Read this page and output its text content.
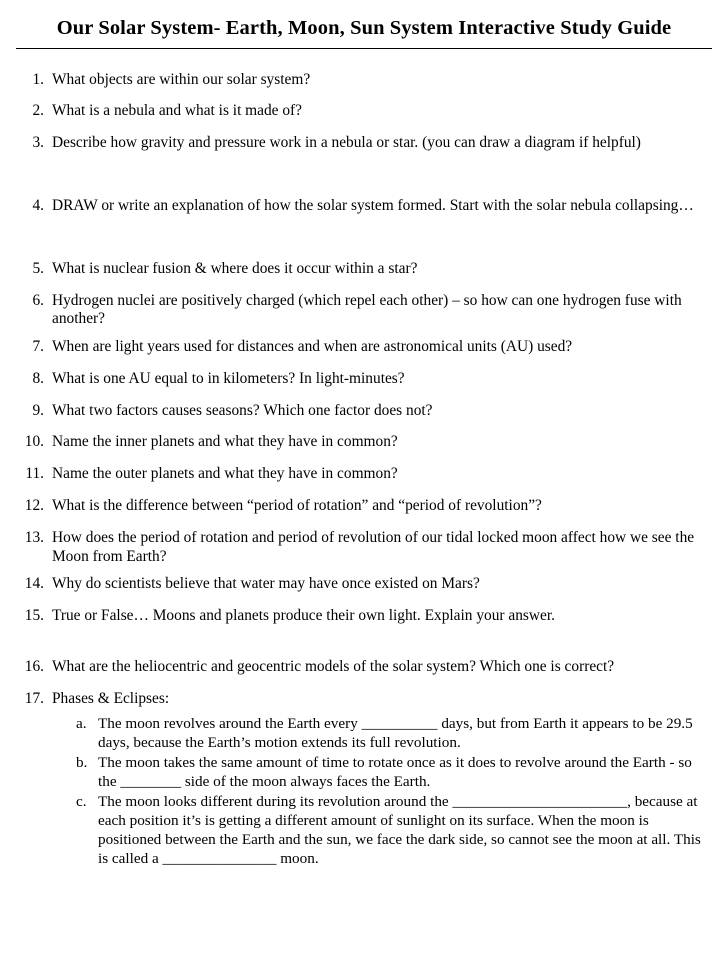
Our Solar System- Earth, Moon, Sun System Interactive Study Guide
1. What objects are within our solar system?
2. What is a nebula and what is it made of?
3. Describe how gravity and pressure work in a nebula or star. (you can draw a diagram if helpful)
4. DRAW or write an explanation of how the solar system formed. Start with the solar nebula collapsing…
5. What is nuclear fusion & where does it occur within a star?
6. Hydrogen nuclei are positively charged (which repel each other) – so how can one hydrogen fuse with another?
7. When are light years used for distances and when are astronomical units (AU) used?
8. What is one AU equal to in kilometers? In light-minutes?
9. What two factors causes seasons? Which one factor does not?
10. Name the inner planets and what they have in common?
11. Name the outer planets and what they have in common?
12. What is the difference between “period of rotation” and “period of revolution”?
13. How does the period of rotation and period of revolution of our tidal locked moon affect how we see the Moon from Earth?
14. Why do scientists believe that water may have once existed on Mars?
15. True or False… Moons and planets produce their own light. Explain your answer.
16. What are the heliocentric and geocentric models of the solar system? Which one is correct?
17. Phases & Eclipses:
a. The moon revolves around the Earth every __________ days, but from Earth it appears to be 29.5 days, because the Earth’s motion extends its full revolution.
b. The moon takes the same amount of time to rotate once as it does to revolve around the Earth - so the ________ side of the moon always faces the Earth.
c. The moon looks different during its revolution around the _______________________, because at each position it’s is getting a different amount of sunlight on its surface. When the moon is positioned between the Earth and the sun, we face the dark side, so cannot see the moon at all. This is called a _______________ moon.
